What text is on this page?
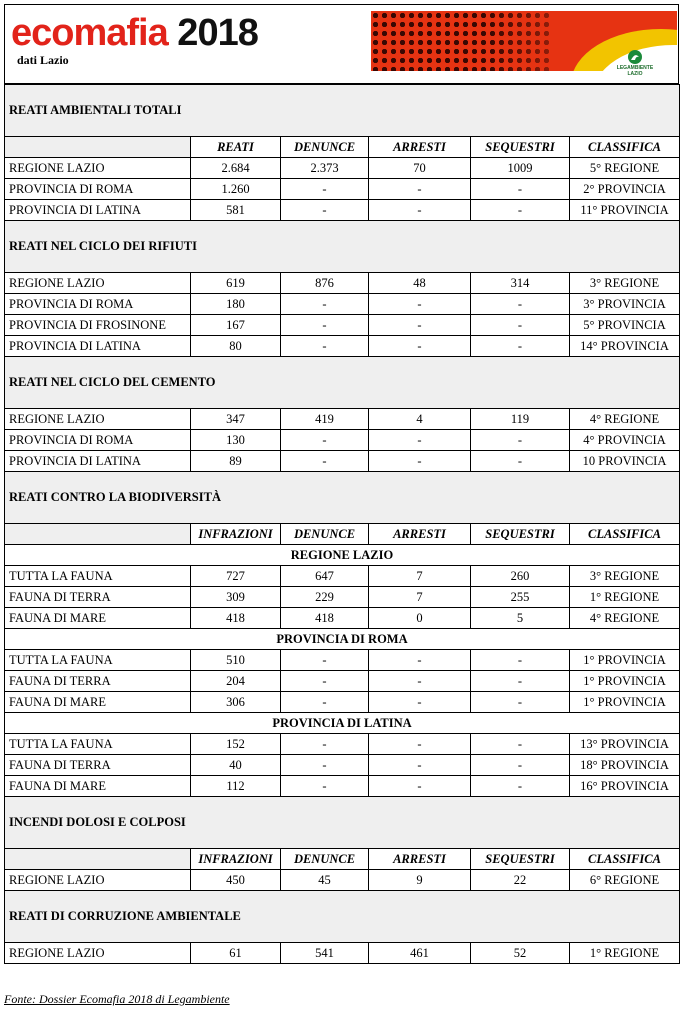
ecomafia 2018
dati Lazio
LEGAMBIENTE
LAZIO
REATI AMBIENTALI TOTALI					
	REATI	DENUNCE	ARRESTI	SEQUESTRI	CLASSIFICA
REGIONE LAZIO	2.684	2.373	70	1009	5° REGIONE
PROVINCIA DI ROMA	1.260	-	-	-	2° PROVINCIA
PROVINCIA DI LATINA	581	-	-	-	11° PROVINCIA
REATI NEL CICLO DEI RIFIUTI					
REGIONE LAZIO	619	876	48	314	3° REGIONE
PROVINCIA DI ROMA	180	-	-	-	3° PROVINCIA
PROVINCIA DI FROSINONE	167	-	-	-	5° PROVINCIA
PROVINCIA DI LATINA	80	-	-	-	14° PROVINCIA
REATI NEL CICLO DEL CEMENTO					
REGIONE LAZIO	347	419	4	119	4° REGIONE
PROVINCIA DI ROMA	130	-	-	-	4° PROVINCIA
PROVINCIA DI LATINA	89	-	-	-	10 PROVINCIA
REATI CONTRO LA BIODIVERSITÀ					
	INFRAZIONI	DENUNCE	ARRESTI	SEQUESTRI	CLASSIFICA
REGIONE LAZIO					
TUTTA LA FAUNA	727	647	7	260	3° REGIONE
FAUNA DI TERRA	309	229	7	255	1° REGIONE
FAUNA DI MARE	418	418	0	5	4° REGIONE
PROVINCIA DI ROMA					
TUTTA LA FAUNA	510	-	-	-	1° PROVINCIA
FAUNA DI TERRA	204	-	-	-	1° PROVINCIA
FAUNA DI MARE	306	-	-	-	1° PROVINCIA
PROVINCIA DI LATINA					
TUTTA LA FAUNA	152	-	-	-	13° PROVINCIA
FAUNA DI TERRA	40	-	-	-	18° PROVINCIA
FAUNA DI MARE	112	-	-	-	16° PROVINCIA
INCENDI DOLOSI E COLPOSI					
	INFRAZIONI	DENUNCE	ARRESTI	SEQUESTRI	CLASSIFICA
REGIONE LAZIO	450	45	9	22	6° REGIONE
REATI DI CORRUZIONE AMBIENTALE					
REGIONE LAZIO	61	541	461	52	1° REGIONE
Fonte: Dossier Ecomafia 2018 di Legambiente
